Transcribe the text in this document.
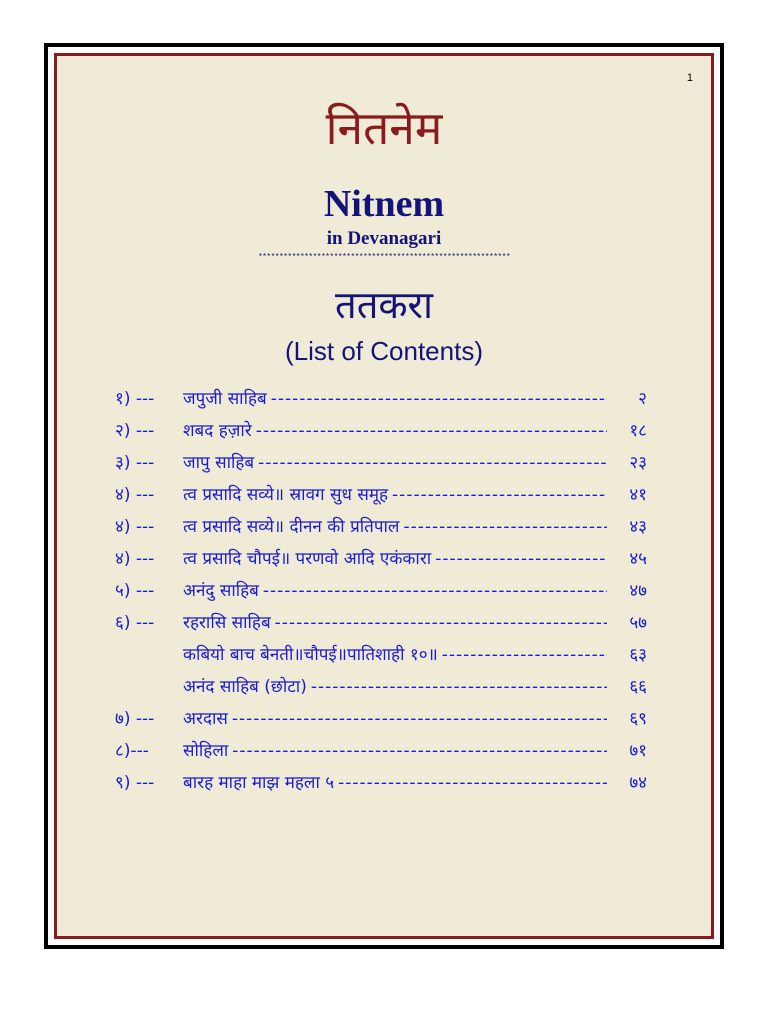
1
नितनेम
Nitnem
in Devanagari
************************************************************
ततकरा
(List of Contents)
१) ---	जपुजी साहिब -----	२
२) ---	शबद हज़ारे -----	१८
३) ---	जापु साहिब -----	२३
४) ---	त्व प्रसादि सव्ये॥ स्रावग सुध समूह -----	४१
४) ---	त्व प्रसादि सव्ये॥ दीनन की प्रतिपाल -----	४३
४) ---	त्व प्रसादि चौपई॥ परणवो आदि एकंकारा -----	४५
५) ---	अनंदु साहिब -----	४७
६) ---	रहरासि साहिब -----	५७
कबियो बाच बेनती॥चौपई॥पातिशाही १०॥ -----	६३
अनंद साहिब (छोटा) -----	६६
७) ---	अरदास -----	६९
८)---	सोहिला -----	७१
९) ---	बारह माहा माझ महला ५ -----	७४
